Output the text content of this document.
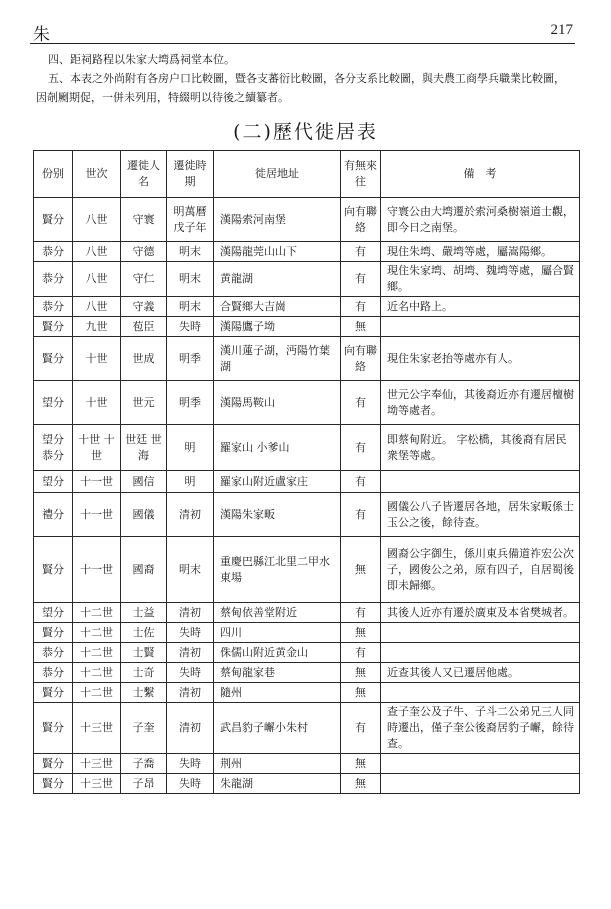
朱	217
四、距祠路程以朱家大塆爲祠堂本位。
五、本表之外尚附有各房户口比較圖，暨各支蕃衍比較圖，各分支系比較圖，與夫農工商學兵職業比較圖，因剞劂期促，一併未列用，特綴明以待後之續纂者。
(二)歷代徙居表
份别	世次	遷徙人名	遷徙時期	徙居地址	有無來往	備　考
賢分	八世	守寰	明萬曆戊子年	漢陽索河南堡	向有聯絡	守寰公由大塆遷於索河桑樹嶺道士觀，即今日之南堡。
恭分	八世	守德	明末	漢陽龍莞山山下	有	現住朱塆、嚴塆等處，屬嵩陽鄉。
恭分	八世	守仁	明末	黄龍湖	有	現住朱家塆、胡塆、魏塆等處，屬合賢鄉。
恭分	八世	守義	明末	合賢鄉大吉崗	有	近名中路上。
賢分	九世	苞臣	失時	漢陽鷹子坳	無	
賢分	十世	世成	明季	漢川蓮子湖，沔陽竹葉湖	向有聯絡	現住朱家老抬等處亦有人。
望分	十世	世元	明季	漢陽馬鞍山	有	世元公字奉仙，其後裔近亦有遷居檀樹坳等處者。
望分 恭分	十世 十世	世廷 世海	明	羅家山 小爹山	有	即蔡甸附近。 字松橋，其後裔有居民衆堡等處。
望分	十一世	國信	明	羅家山附近盧家庄	有	
禮分	十一世	國儀	清初	漢陽朱家畈	有	國儀公八子皆遷居各地，居朱家畈係士玉公之後，餘待查。
賢分	十一世	國裔	明末	重慶巴縣江北里二甲水東場	無	國裔公字御生，係川東兵備道祚宏公次子，國俊公之弟，原有四子，自居蜀後即未歸鄉。
望分	十二世	士益	清初	蔡甸依善堂附近	有	其後人近亦有遷於廣東及本省樊城者。
賢分	十二世	士佐	失時	四川	無	
恭分	十二世	士賢	清初	侏儒山附近黄金山	有	
恭分	十二世	士奇	失時	蔡甸龍家巷	無	近查其後人又已遷居他處。
賢分	十二世	士繫	清初	隨州	無	
賢分	十三世	子奎	清初	武昌豹子嶰小朱村	有	查子奎公及子牛、子斗二公弟兄三人同時遷出，僅子奎公後裔居豹子嶰，餘待查。
賢分	十三世	子喬	失時	荆州	無	
賢分	十三世	子昂	失時	朱龍湖	無	
